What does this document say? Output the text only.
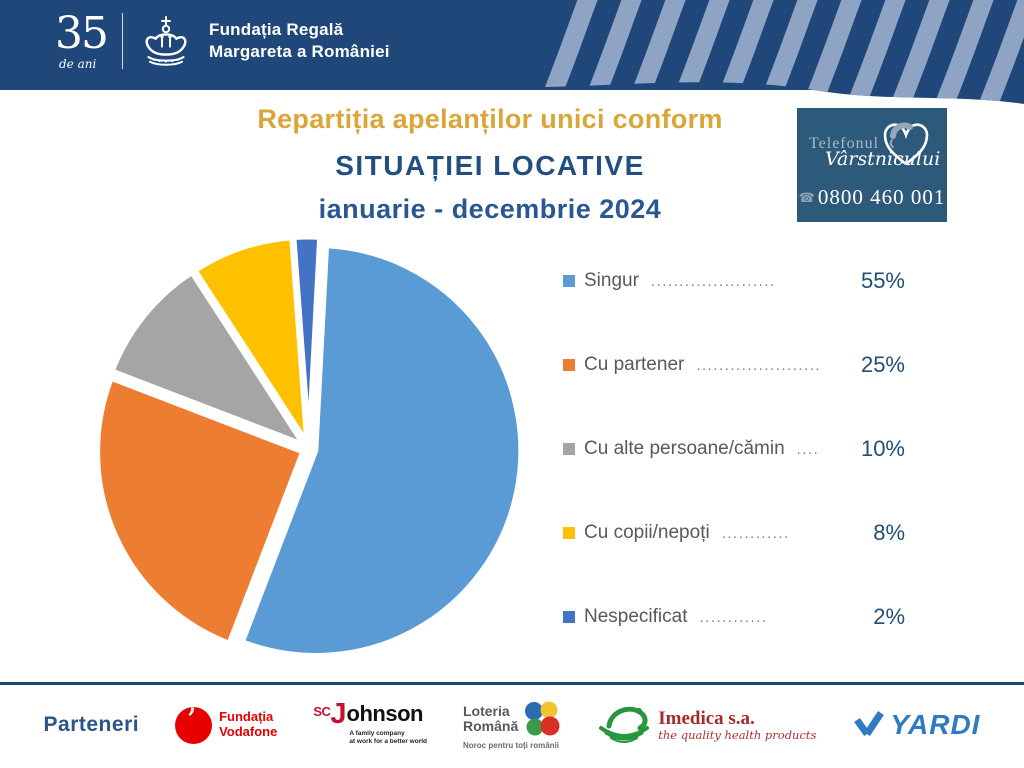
35
de ani
Fundația Regală
Margareta a României
Repartiția apelanților unici conform
SITUAȚIEI LOCATIVE
ianuarie - decembrie 2024
Telefonul
Vârstnicului
☎ 0800 460 001
Singur ......................	55%
Cu partener ...................... 25%
Cu alte persoane/cămin .... 10%
Cu copii/nepoți ............	8%
Nespecificat ............	2%
Parteneri ’ Fundația
Vodafone
SC J ohnson
A family company
at work for a better world
Loteria
Română
Noroc pentru toți românii
Imedica s.a.
the quality health products	YARDI
